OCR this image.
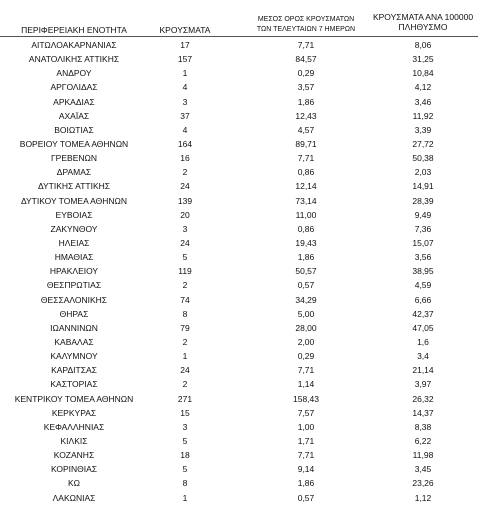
ΠΕΡΙΦΕΡΕΙΑΚΗ ΕΝΟΤΗΤΑ	ΚΡΟΥΣΜΑΤΑ
ΜΕΣΟΣ ΟΡΟΣ ΚΡΟΥΣΜΑΤΩΝ
ΤΩΝ ΤΕΛΕΥΤΑΙΩΝ 7 ΗΜΕΡΩΝ
ΚΡΟΥΣΜΑΤΑ ΑΝΑ 100000
ΠΛΗΘΥΣΜΟ
ΑΙΤΩΛΟΑΚΑΡΝΑΝΙΑΣ	17	7,71	8,06
ΑΝΑΤΟΛΙΚΗΣ ΑΤΤΙΚΗΣ	157	84,57	31,25
ΑΝΔΡΟΥ	1	0,29	10,84
ΑΡΓΟΛΙΔΑΣ	4	3,57	4,12
ΑΡΚΑΔΙΑΣ	3	1,86	3,46
ΑΧΑΪΑΣ	37	12,43	11,92
ΒΟΙΩΤΙΑΣ	4	4,57	3,39
ΒΟΡΕΙΟΥ ΤΟΜΕΑ ΑΘΗΝΩΝ	164	89,71	27,72
ΓΡΕΒΕΝΩΝ	16	7,71	50,38
ΔΡΑΜΑΣ	2	0,86	2,03
ΔΥΤΙΚΗΣ ΑΤΤΙΚΗΣ	24	12,14	14,91
ΔΥΤΙΚΟΥ ΤΟΜΕΑ ΑΘΗΝΩΝ	139	73,14	28,39
ΕΥΒΟΙΑΣ	20	11,00	9,49
ΖΑΚΥΝΘΟΥ	3	0,86	7,36
ΗΛΕΙΑΣ	24	19,43	15,07
ΗΜΑΘΙΑΣ	5	1,86	3,56
ΗΡΑΚΛΕΙΟΥ	119	50,57	38,95
ΘΕΣΠΡΩΤΙΑΣ	2	0,57	4,59
ΘΕΣΣΑΛΟΝΙΚΗΣ	74	34,29	6,66
ΘΗΡΑΣ	8	5,00	42,37
ΙΩΑΝΝΙΝΩΝ	79	28,00	47,05
ΚΑΒΑΛΑΣ	2	2,00	1,6
ΚΑΛΥΜΝΟΥ	1	0,29	3,4
ΚΑΡΔΙΤΣΑΣ	24	7,71	21,14
ΚΑΣΤΟΡΙΑΣ	2	1,14	3,97
ΚΕΝΤΡΙΚΟΥ ΤΟΜΕΑ ΑΘΗΝΩΝ	271	158,43	26,32
ΚΕΡΚΥΡΑΣ	15	7,57	14,37
ΚΕΦΑΛΛΗΝΙΑΣ	3	1,00	8,38
ΚΙΛΚΙΣ	5	1,71	6,22
ΚΟΖΑΝΗΣ	18	7,71	11,98
ΚΟΡΙΝΘΙΑΣ	5	9,14	3,45
ΚΩ	8	1,86	23,26
ΛΑΚΩΝΙΑΣ	1	0,57	1,12
